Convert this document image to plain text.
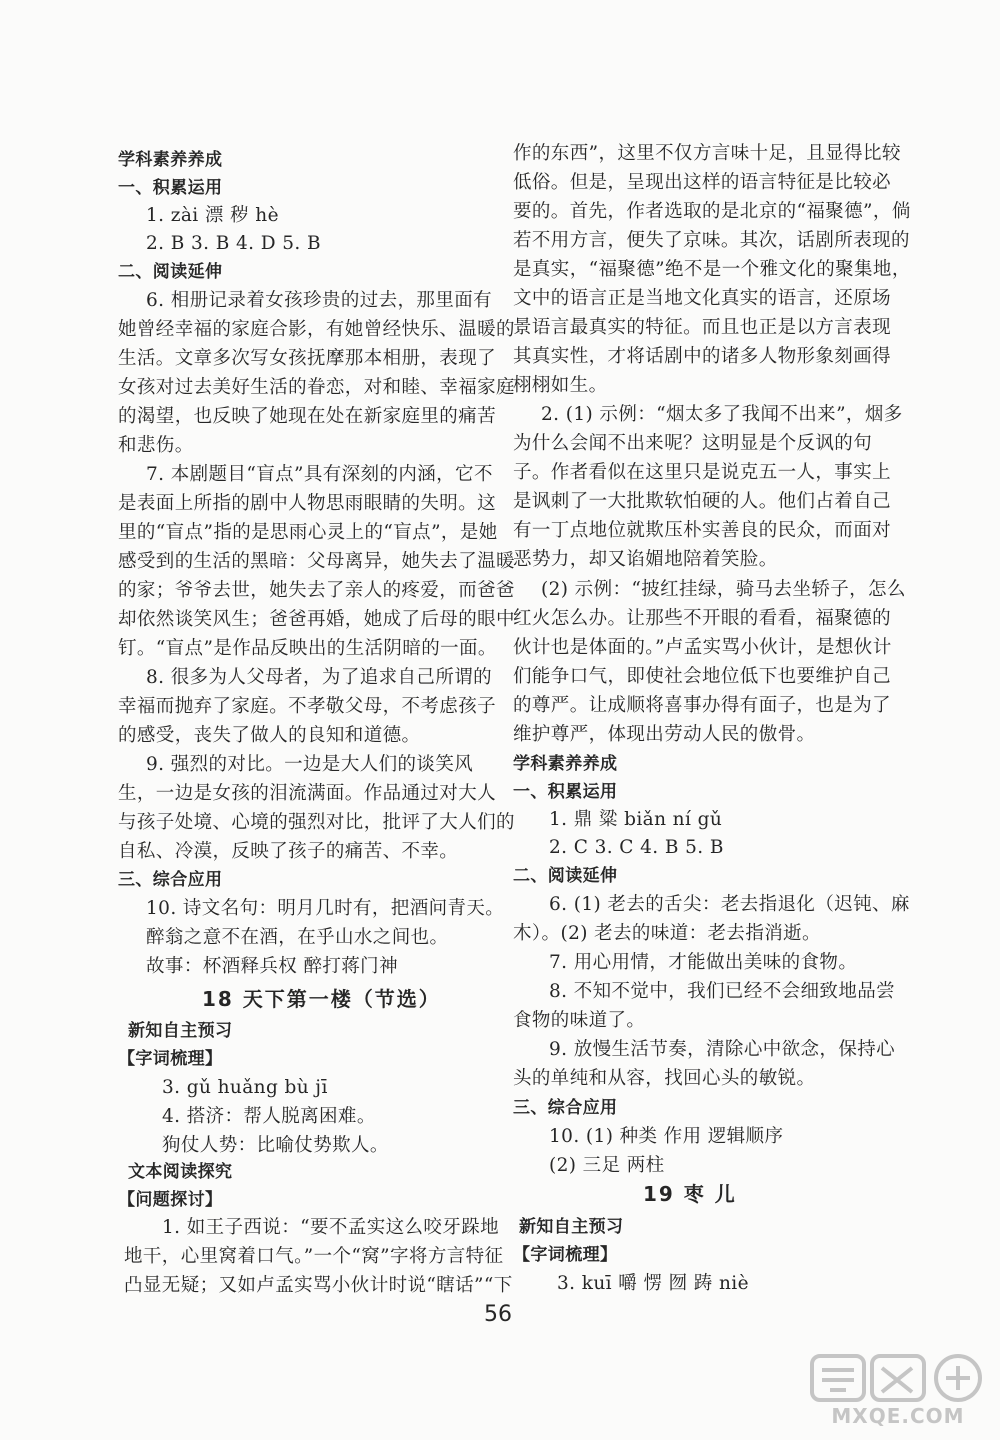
学科素养养成
一、积累运用
1. zài 漂 秽 hè
2. B 3. B 4. D 5. B
二、阅读延伸
6. 相册记录着女孩珍贵的过去，那里面有
她曾经幸福的家庭合影，有她曾经快乐、温暖的
生活。文章多次写女孩抚摩那本相册，表现了
女孩对过去美好生活的眷恋，对和睦、幸福家庭
的渴望，也反映了她现在处在新家庭里的痛苦
和悲伤。
7. 本剧题目“盲点”具有深刻的内涵，它不
是表面上所指的剧中人物思雨眼睛的失明。这
里的“盲点”指的是思雨心灵上的“盲点”，是她
感受到的生活的黑暗：父母离异，她失去了温暖
的家；爷爷去世，她失去了亲人的疼爱，而爸爸
却依然谈笑风生；爸爸再婚，她成了后母的眼中
钉。“盲点”是作品反映出的生活阴暗的一面。
8. 很多为人父母者，为了追求自己所谓的
幸福而抛弃了家庭。不孝敬父母，不考虑孩子
的感受，丧失了做人的良知和道德。
9. 强烈的对比。一边是大人们的谈笑风
生，一边是女孩的泪流满面。作品通过对大人
与孩子处境、心境的强烈对比，批评了大人们的
自私、冷漠，反映了孩子的痛苦、不幸。
三、综合应用
10. 诗文名句：明月几时有，把酒问青天。
醉翁之意不在酒，在乎山水之间也。
故事：杯酒释兵权 醉打蒋门神
18 天下第一楼（节选）
新知自主预习
【字词梳理】
3. gǔ huǎng bù jī
4. 搭济：帮人脱离困难。
狗仗人势：比喻仗势欺人。
文本阅读探究
【问题探讨】
1. 如王子西说：“要不孟实这么咬牙跺地
地干，心里窝着口气。”一个“窝”字将方言特征
凸显无疑；又如卢孟实骂小伙计时说“瞎话”“下
作的东西”，这里不仅方言味十足，且显得比较
低俗。但是，呈现出这样的语言特征是比较必
要的。首先，作者选取的是北京的“福聚德”，倘
若不用方言，便失了京味。其次，话剧所表现的
是真实，“福聚德”绝不是一个雅文化的聚集地，
文中的语言正是当地文化真实的语言，还原场
景语言最真实的特征。而且也正是以方言表现
其真实性，才将话剧中的诸多人物形象刻画得
栩栩如生。
2. (1) 示例：“烟太多了我闻不出来”，烟多
为什么会闻不出来呢？这明显是个反讽的句
子。作者看似在这里只是说克五一人，事实上
是讽刺了一大批欺软怕硬的人。他们占着自己
有一丁点地位就欺压朴实善良的民众，而面对
恶势力，却又谄媚地陪着笑脸。
(2) 示例：“披红挂绿，骑马去坐轿子，怎么
红火怎么办。让那些不开眼的看看，福聚德的
伙计也是体面的。”卢孟实骂小伙计，是想伙计
们能争口气，即使社会地位低下也要维护自己
的尊严。让成顺将喜事办得有面子，也是为了
维护尊严，体现出劳动人民的傲骨。
学科素养养成
一、积累运用
1. 鼎 粱 biǎn ní gǔ
2. C 3. C 4. B 5. B
二、阅读延伸
6. (1) 老去的舌尖：老去指退化（迟钝、麻
木）。(2) 老去的味道：老去指消逝。
7. 用心用情，才能做出美味的食物。
8. 不知不觉中，我们已经不会细致地品尝
食物的味道了。
9. 放慢生活节奏，清除心中欲念，保持心
头的单纯和从容，找回心头的敏锐。
三、综合应用
10. (1) 种类 作用 逻辑顺序
(2) 三足 两柱
19 枣 儿
新知自主预习
【字词梳理】
3. kuī 嚼 愣 囫 踌 niè
56
MXQE.COM
